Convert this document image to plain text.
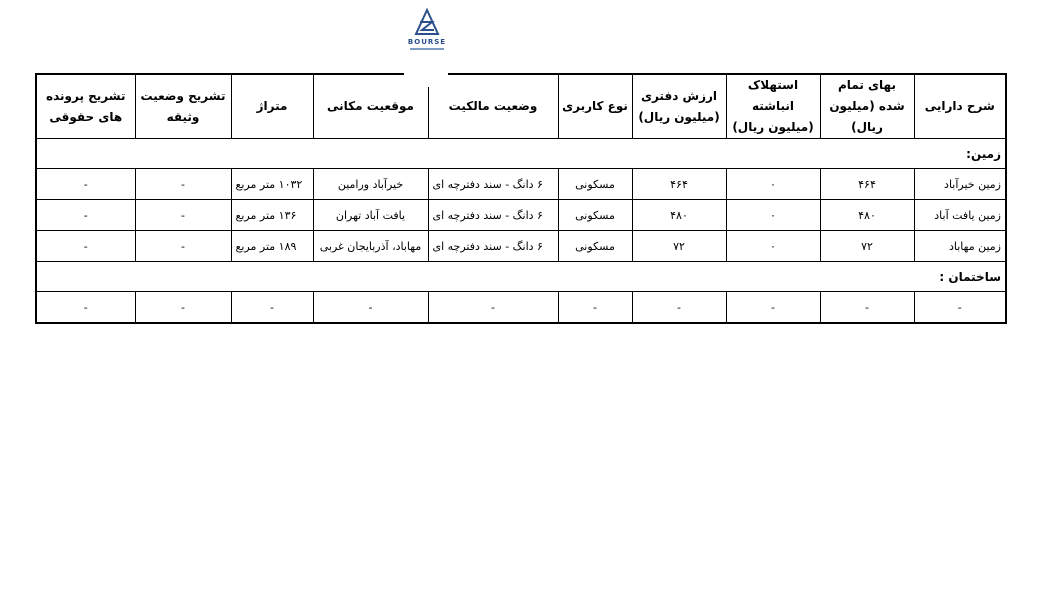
BOURSE
شرح دارایی	بهای تمام شده (میلیون ریال)	استهلاک انباشته (میلیون ریال)	ارزش دفتری (میلیون ریال)	نوع کاربری	وضعیت مالکیت	موقعیت مکانی	متراژ	تشریح وضعیت وثیقه	تشریح پرونده های حقوقی
زمین:									
زمین خیرآباد	۴۶۴	۰	۴۶۴	مسکونی	۶ دانگ - سند دفترچه ای	خیرآباد ورامین	۱۰۳۲ متر مربع	-	-
زمین یافت آباد	۴۸۰	۰	۴۸۰	مسکونی	۶ دانگ - سند دفترچه ای	یافت آباد تهران	۱۳۶ متر مربع	-	-
زمین مهاباد	۷۲	۰	۷۲	مسکونی	۶ دانگ - سند دفترچه ای	مهاباد، آذربایجان غربی	۱۸۹ متر مربع	-	-
ساختمان :									
-	-	-	-	-	-	-	-	-	-
